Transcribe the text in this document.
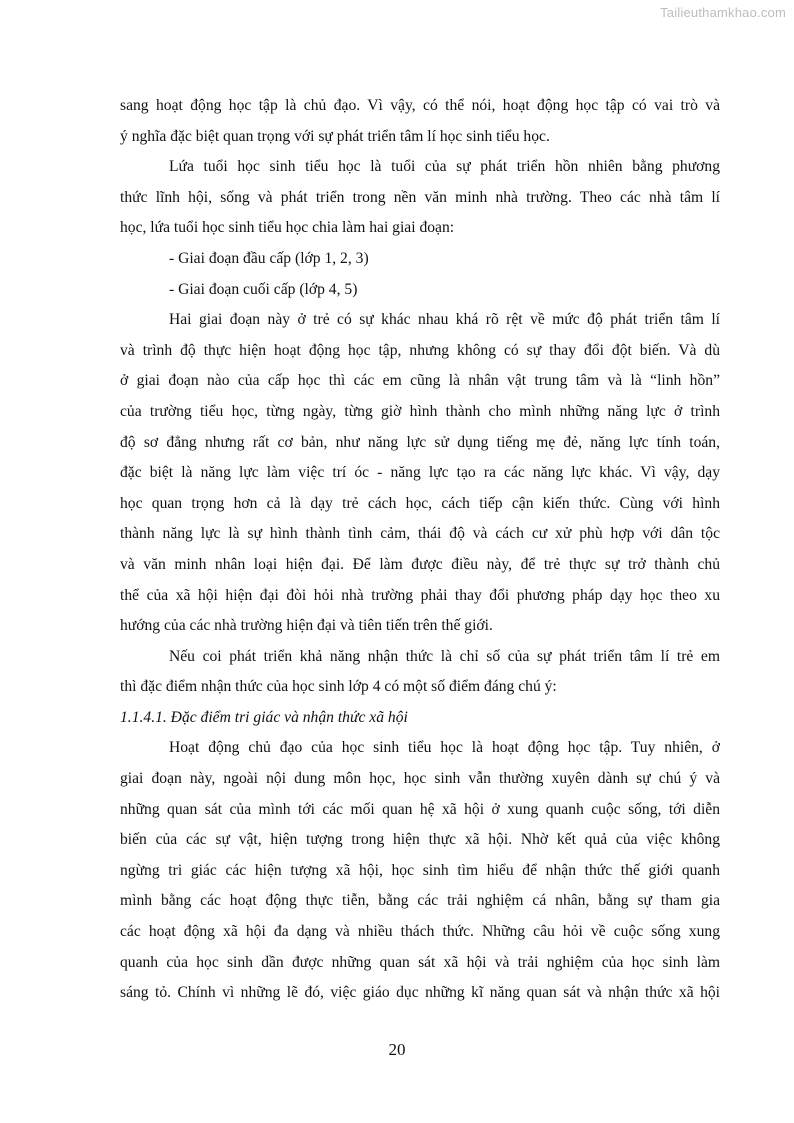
Tailieuthamkhao.com
sang hoạt động học tập là chủ đạo. Vì vậy, có thể nói, hoạt động học tập có vai trò và
ý nghĩa đặc biệt quan trọng với sự phát triển tâm lí học sinh tiểu học.
Lứa tuổi học sinh tiểu học là tuổi của sự phát triển hồn nhiên bằng phương
thức lĩnh hội, sống và phát triển trong nền văn minh nhà trường. Theo các nhà tâm lí
học, lứa tuổi học sinh tiểu học chia làm hai giai đoạn:
- Giai đoạn đầu cấp (lớp 1, 2, 3)
- Giai đoạn cuối cấp (lớp 4, 5)
Hai giai đoạn này ở trẻ có sự khác nhau khá rõ rệt về mức độ phát triển tâm lí
và trình độ thực hiện hoạt động học tập, nhưng không có sự thay đổi đột biến. Và dù
ở giai đoạn nào của cấp học thì các em cũng là nhân vật trung tâm và là “linh hồn”
của trường tiểu học, từng ngày, từng giờ hình thành cho mình những năng lực ở trình
độ sơ đẳng nhưng rất cơ bản, như năng lực sử dụng tiếng mẹ đẻ, năng lực tính toán,
đặc biệt là năng lực làm việc trí óc - năng lực tạo ra các năng lực khác. Vì vậy, dạy
học quan trọng hơn cả là dạy trẻ cách học, cách tiếp cận kiến thức. Cùng với hình
thành năng lực là sự hình thành tình cảm, thái độ và cách cư xử phù hợp với dân tộc
và văn minh nhân loại hiện đại. Để làm được điều này, để trẻ thực sự trở thành chủ
thể của xã hội hiện đại đòi hỏi nhà trường phải thay đổi phương pháp dạy học theo xu
hướng của các nhà trường hiện đại và tiên tiến trên thế giới.
Nếu coi phát triển khả năng nhận thức là chỉ số của sự phát triển tâm lí trẻ em
thì đặc điểm nhận thức của học sinh lớp 4 có một số điểm đáng chú ý:
1.1.4.1. Đặc điểm tri giác và nhận thức xã hội
Hoạt động chủ đạo của học sinh tiểu học là hoạt động học tập. Tuy nhiên, ở
giai đoạn này, ngoài nội dung môn học, học sinh vẫn thường xuyên dành sự chú ý và
những quan sát của mình tới các mối quan hệ xã hội ở xung quanh cuộc sống, tới diễn
biến của các sự vật, hiện tượng trong hiện thực xã hội. Nhờ kết quả của việc không
ngừng tri giác các hiện tượng xã hội, học sinh tìm hiểu để nhận thức thế giới quanh
mình bằng các hoạt động thực tiễn, bằng các trải nghiệm cá nhân, bằng sự tham gia
các hoạt động xã hội đa dạng và nhiều thách thức. Những câu hỏi về cuộc sống xung
quanh của học sinh dần được những quan sát xã hội và trải nghiệm của học sinh làm
sáng tỏ. Chính vì những lẽ đó, việc giáo dục những kĩ năng quan sát và nhận thức xã hội
20
